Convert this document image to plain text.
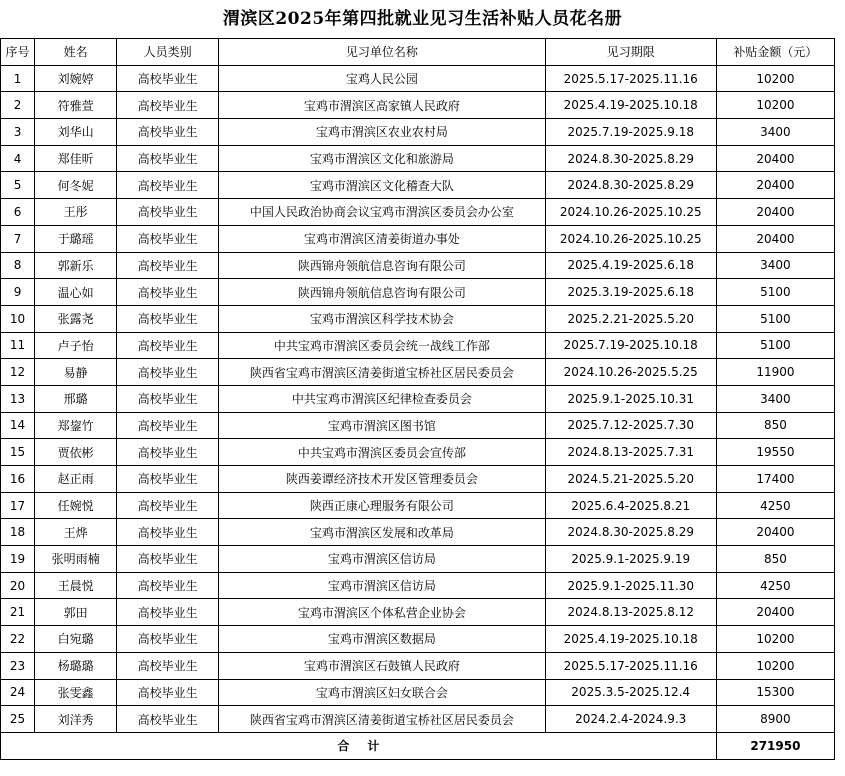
渭滨区2025年第四批就业见习生活补贴人员花名册
序号	姓名	人员类别	见习单位名称	见习期限	补贴金额（元）
1	刘婉婷	高校毕业生	宝鸡人民公园	2025.5.17-2025.11.16	10200
2	符雅萱	高校毕业生	宝鸡市渭滨区高家镇人民政府	2025.4.19-2025.10.18	10200
3	刘华山	高校毕业生	宝鸡市渭滨区农业农村局	2025.7.19-2025.9.18	3400
4	郑佳昕	高校毕业生	宝鸡市渭滨区文化和旅游局	2024.8.30-2025.8.29	20400
5	何冬妮	高校毕业生	宝鸡市渭滨区文化稽查大队	2024.8.30-2025.8.29	20400
6	王彤	高校毕业生	中国人民政治协商会议宝鸡市渭滨区委员会办公室	2024.10.26-2025.10.25	20400
7	于璐瑶	高校毕业生	宝鸡市渭滨区清姜街道办事处	2024.10.26-2025.10.25	20400
8	郭新乐	高校毕业生	陕西锦舟领航信息咨询有限公司	2025.4.19-2025.6.18	3400
9	温心如	高校毕业生	陕西锦舟领航信息咨询有限公司	2025.3.19-2025.6.18	5100
10	张露尧	高校毕业生	宝鸡市渭滨区科学技术协会	2025.2.21-2025.5.20	5100
11	卢子怡	高校毕业生	中共宝鸡市渭滨区委员会统一战线工作部	2025.7.19-2025.10.18	5100
12	易静	高校毕业生	陕西省宝鸡市渭滨区清姜街道宝桥社区居民委员会	2024.10.26-2025.5.25	11900
13	邢璐	高校毕业生	中共宝鸡市渭滨区纪律检查委员会	2025.9.1-2025.10.31	3400
14	郑鋆竹	高校毕业生	宝鸡市渭滨区图书馆	2025.7.12-2025.7.30	850
15	贾依彬	高校毕业生	中共宝鸡市渭滨区委员会宣传部	2024.8.13-2025.7.31	19550
16	赵正雨	高校毕业生	陕西姜谭经济技术开发区管理委员会	2024.5.21-2025.5.20	17400
17	任婉悦	高校毕业生	陕西正康心理服务有限公司	2025.6.4-2025.8.21	4250
18	王烨	高校毕业生	宝鸡市渭滨区发展和改革局	2024.8.30-2025.8.29	20400
19	张明雨楠	高校毕业生	宝鸡市渭滨区信访局	2025.9.1-2025.9.19	850
20	王晨悦	高校毕业生	宝鸡市渭滨区信访局	2025.9.1-2025.11.30	4250
21	郭田	高校毕业生	宝鸡市渭滨区个体私营企业协会	2024.8.13-2025.8.12	20400
22	白宛璐	高校毕业生	宝鸡市渭滨区数据局	2025.4.19-2025.10.18	10200
23	杨璐璐	高校毕业生	宝鸡市渭滨区石鼓镇人民政府	2025.5.17-2025.11.16	10200
24	张雯鑫	高校毕业生	宝鸡市渭滨区妇女联合会	2025.3.5-2025.12.4	15300
25	刘洋秀	高校毕业生	陕西省宝鸡市渭滨区清姜街道宝桥社区居民委员会	2024.2.4-2024.9.3	8900
合计					271950
